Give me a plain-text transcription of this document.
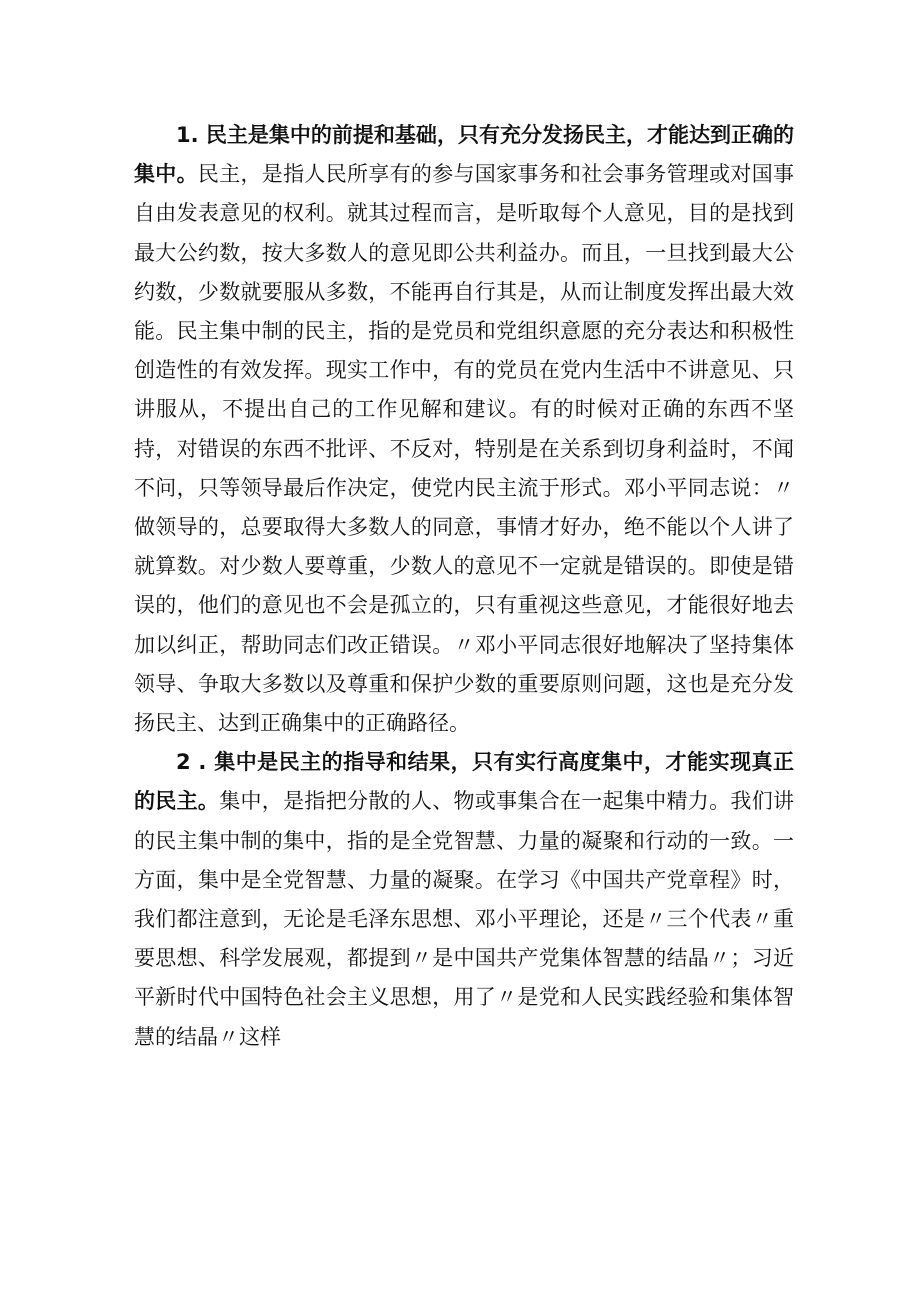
1. 民主是集中的前提和基础，只有充分发扬民主，才能达到正确的集中。民主，是指人民所享有的参与国家事务和社会事务管理或对国事自由发表意见的权利。就其过程而言，是听取每个人意见，目的是找到最大公约数，按大多数人的意见即公共利益办。而且，一旦找到最大公约数，少数就要服从多数，不能再自行其是，从而让制度发挥出最大效能。民主集中制的民主，指的是党员和党组织意愿的充分表达和积极性创造性的有效发挥。现实工作中，有的党员在党内生活中不讲意见、只讲服从，不提出自己的工作见解和建议。有的时候对正确的东西不坚持，对错误的东西不批评、不反对，特别是在关系到切身利益时，不闻不问，只等领导最后作决定，使党内民主流于形式。邓小平同志说：〃做领导的，总要取得大多数人的同意，事情才好办，绝不能以个人讲了就算数。对少数人要尊重，少数人的意见不一定就是错误的。即使是错误的，他们的意见也不会是孤立的，只有重视这些意见，才能很好地去加以纠正，帮助同志们改正错误。〃邓小平同志很好地解决了坚持集体领导、争取大多数以及尊重和保护少数的重要原则问题，这也是充分发扬民主、达到正确集中的正确路径。

2 . 集中是民主的指导和结果，只有实行高度集中，才能实现真正的民主。集中，是指把分散的人、物或事集合在一起集中精力。我们讲的民主集中制的集中，指的是全党智慧、力量的凝聚和行动的一致。一方面，集中是全党智慧、力量的凝聚。在学习《中国共产党章程》时，我们都注意到，无论是毛泽东思想、邓小平理论，还是〃三个代表〃重要思想、科学发展观，都提到〃是中国共产党集体智慧的结晶〃；习近平新时代中国特色社会主义思想，用了〃是党和人民实践经验和集体智慧的结晶〃这样
